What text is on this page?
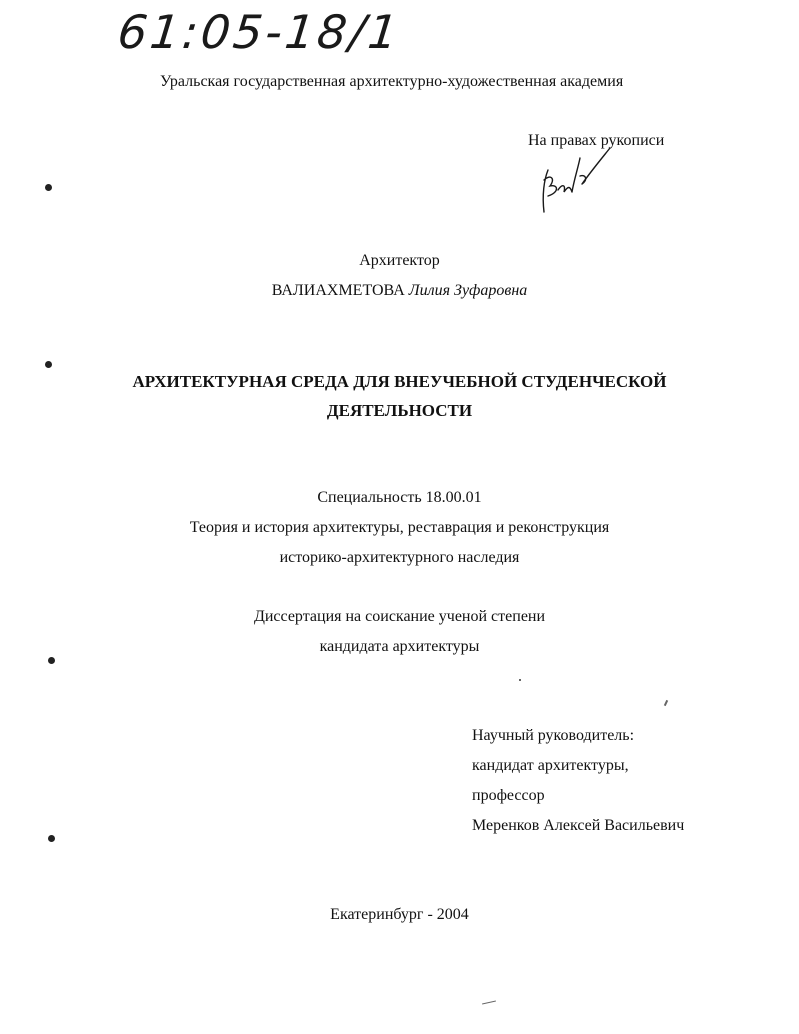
61:05-18/1
Уральская государственная архитектурно-художественная академия
На правах рукописи
Архитектор
ВАЛИАХМЕТОВА Лилия Зуфаровна
АРХИТЕКТУРНАЯ СРЕДА ДЛЯ ВНЕУЧЕБНОЙ СТУДЕНЧЕСКОЙ
ДЕЯТЕЛЬНОСТИ
Специальность 18.00.01
Теория и история архитектуры, реставрация и реконструкция
историко-архитектурного наследия
Диссертация на соискание ученой степени
кандидата архитектуры
Научный руководитель:
кандидат архитектуры,
профессор
Меренков Алексей Васильевич
Екатеринбург - 2004
